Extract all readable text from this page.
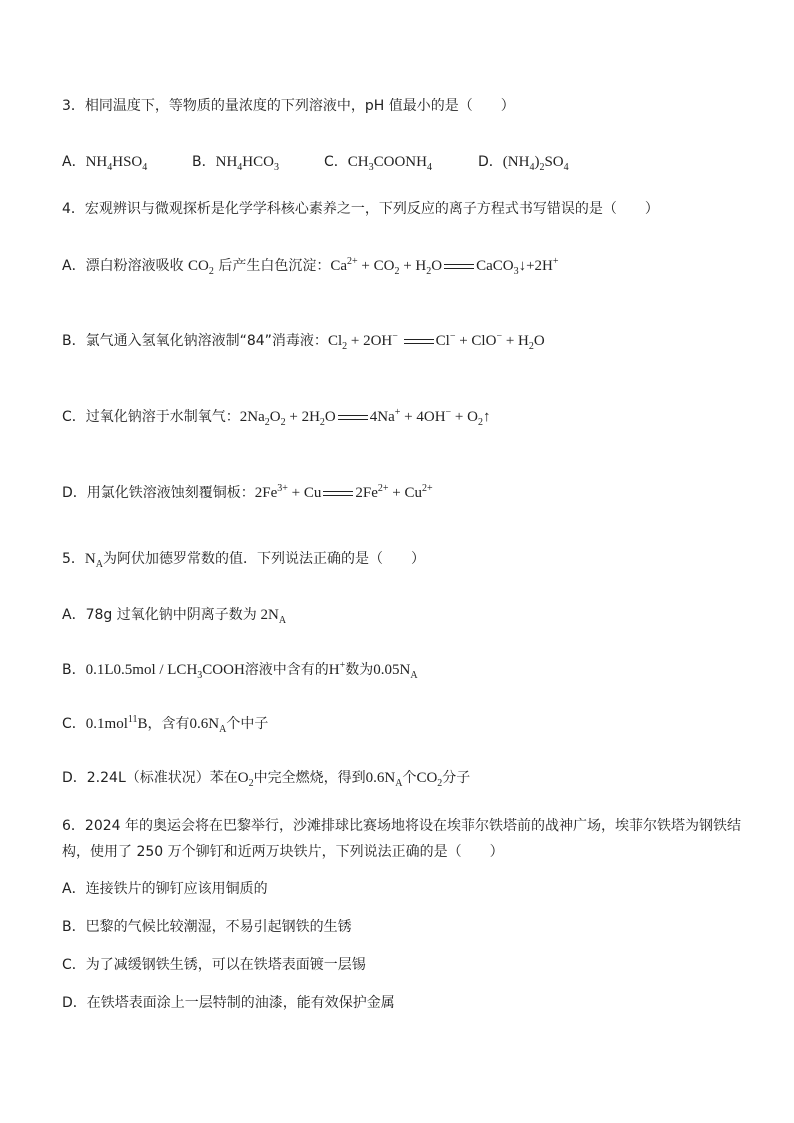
3．相同温度下，等物质的量浓度的下列溶液中，pH 值最小的是（　　）
A．$NH_4HSO_4$	B．$NH_4HCO_3$	C．$CH_3COONH_4$	D．$(NH_4)_2SO_4$
4．宏观辨识与微观探析是化学学科核心素养之一，下列反应的离子方程式书写错误的是（　　）
A．漂白粉溶液吸收 $CO_2$ 后产生白色沉淀：$Ca^{2+} + CO_2 + H_2O$ CaCO$_3$↓+2H+
B．氯气通入氢氧化钠溶液制“84”消毒液：$Cl_2 + 2OH^-$	$Cl^- + ClO^- + H_2O$
C．过氧化钠溶于水制氧气：$2Na_2O_2 + 2H_2O$ $4Na^+ + 4OH^- + O_2↑$
D．用氯化铁溶液蚀刻覆铜板：$2Fe^{3+} + Cu$ $2Fe^{2+} + Cu^{2+}$
5．$N_A$为阿伏加德罗常数的值．下列说法正确的是（　　）
A．78g 过氧化钠中阴离子数为 $2N_A$
B．$0.1L0.5mol / LCH_3COOH$溶液中含有的H+数为$0.05N_A$
C．0.1mol$^{11}$B，含有$0.6N_A$个中子
D．2.24L（标准状况）苯在$O_2$中完全燃烧，得到$0.6N_A$个$CO_2$分子
6．2024 年的奥运会将在巴黎举行，沙滩排球比赛场地将设在埃菲尔铁塔前的战神广场，埃菲尔铁塔为钢铁结
构，使用了 250 万个铆钉和近两万块铁片，下列说法正确的是（　　）
A．连接铁片的铆钉应该用铜质的
B．巴黎的气候比较潮湿，不易引起钢铁的生锈
C．为了减缓钢铁生锈，可以在铁塔表面镀一层锡
D．在铁塔表面涂上一层特制的油漆，能有效保护金属
